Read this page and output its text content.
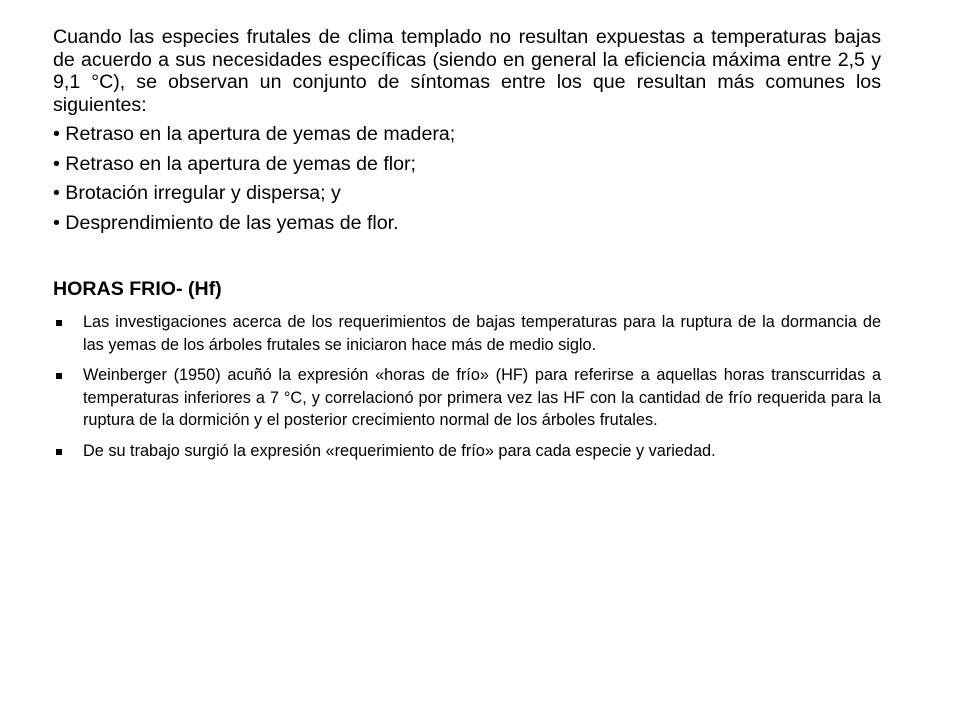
Cuando las especies frutales de clima templado no resultan expuestas a temperaturas bajas de acuerdo a sus necesidades específicas (siendo en general la eficiencia máxima entre 2,5 y 9,1 °C), se observan un conjunto de síntomas entre los que resultan más comunes los siguientes:

• Retraso en la apertura de yemas de madera;
• Retraso en la apertura de yemas de flor;
• Brotación irregular y dispersa; y
• Desprendimiento de las yemas de flor.
HORAS FRIO- (Hf)
Las investigaciones acerca de los requerimientos de bajas temperaturas para la ruptura de la dormancia de las yemas de los árboles frutales se iniciaron hace más de medio siglo.
Weinberger (1950) acuñó la expresión «horas de frío» (HF) para referirse a aquellas horas transcurridas a temperaturas inferiores a 7 °C, y correlacionó por primera vez las HF con la cantidad de frío requerida para la ruptura de la dormición y el posterior crecimiento normal de los árboles frutales.
De su trabajo surgió la expresión «requerimiento de frío» para cada especie y variedad.
